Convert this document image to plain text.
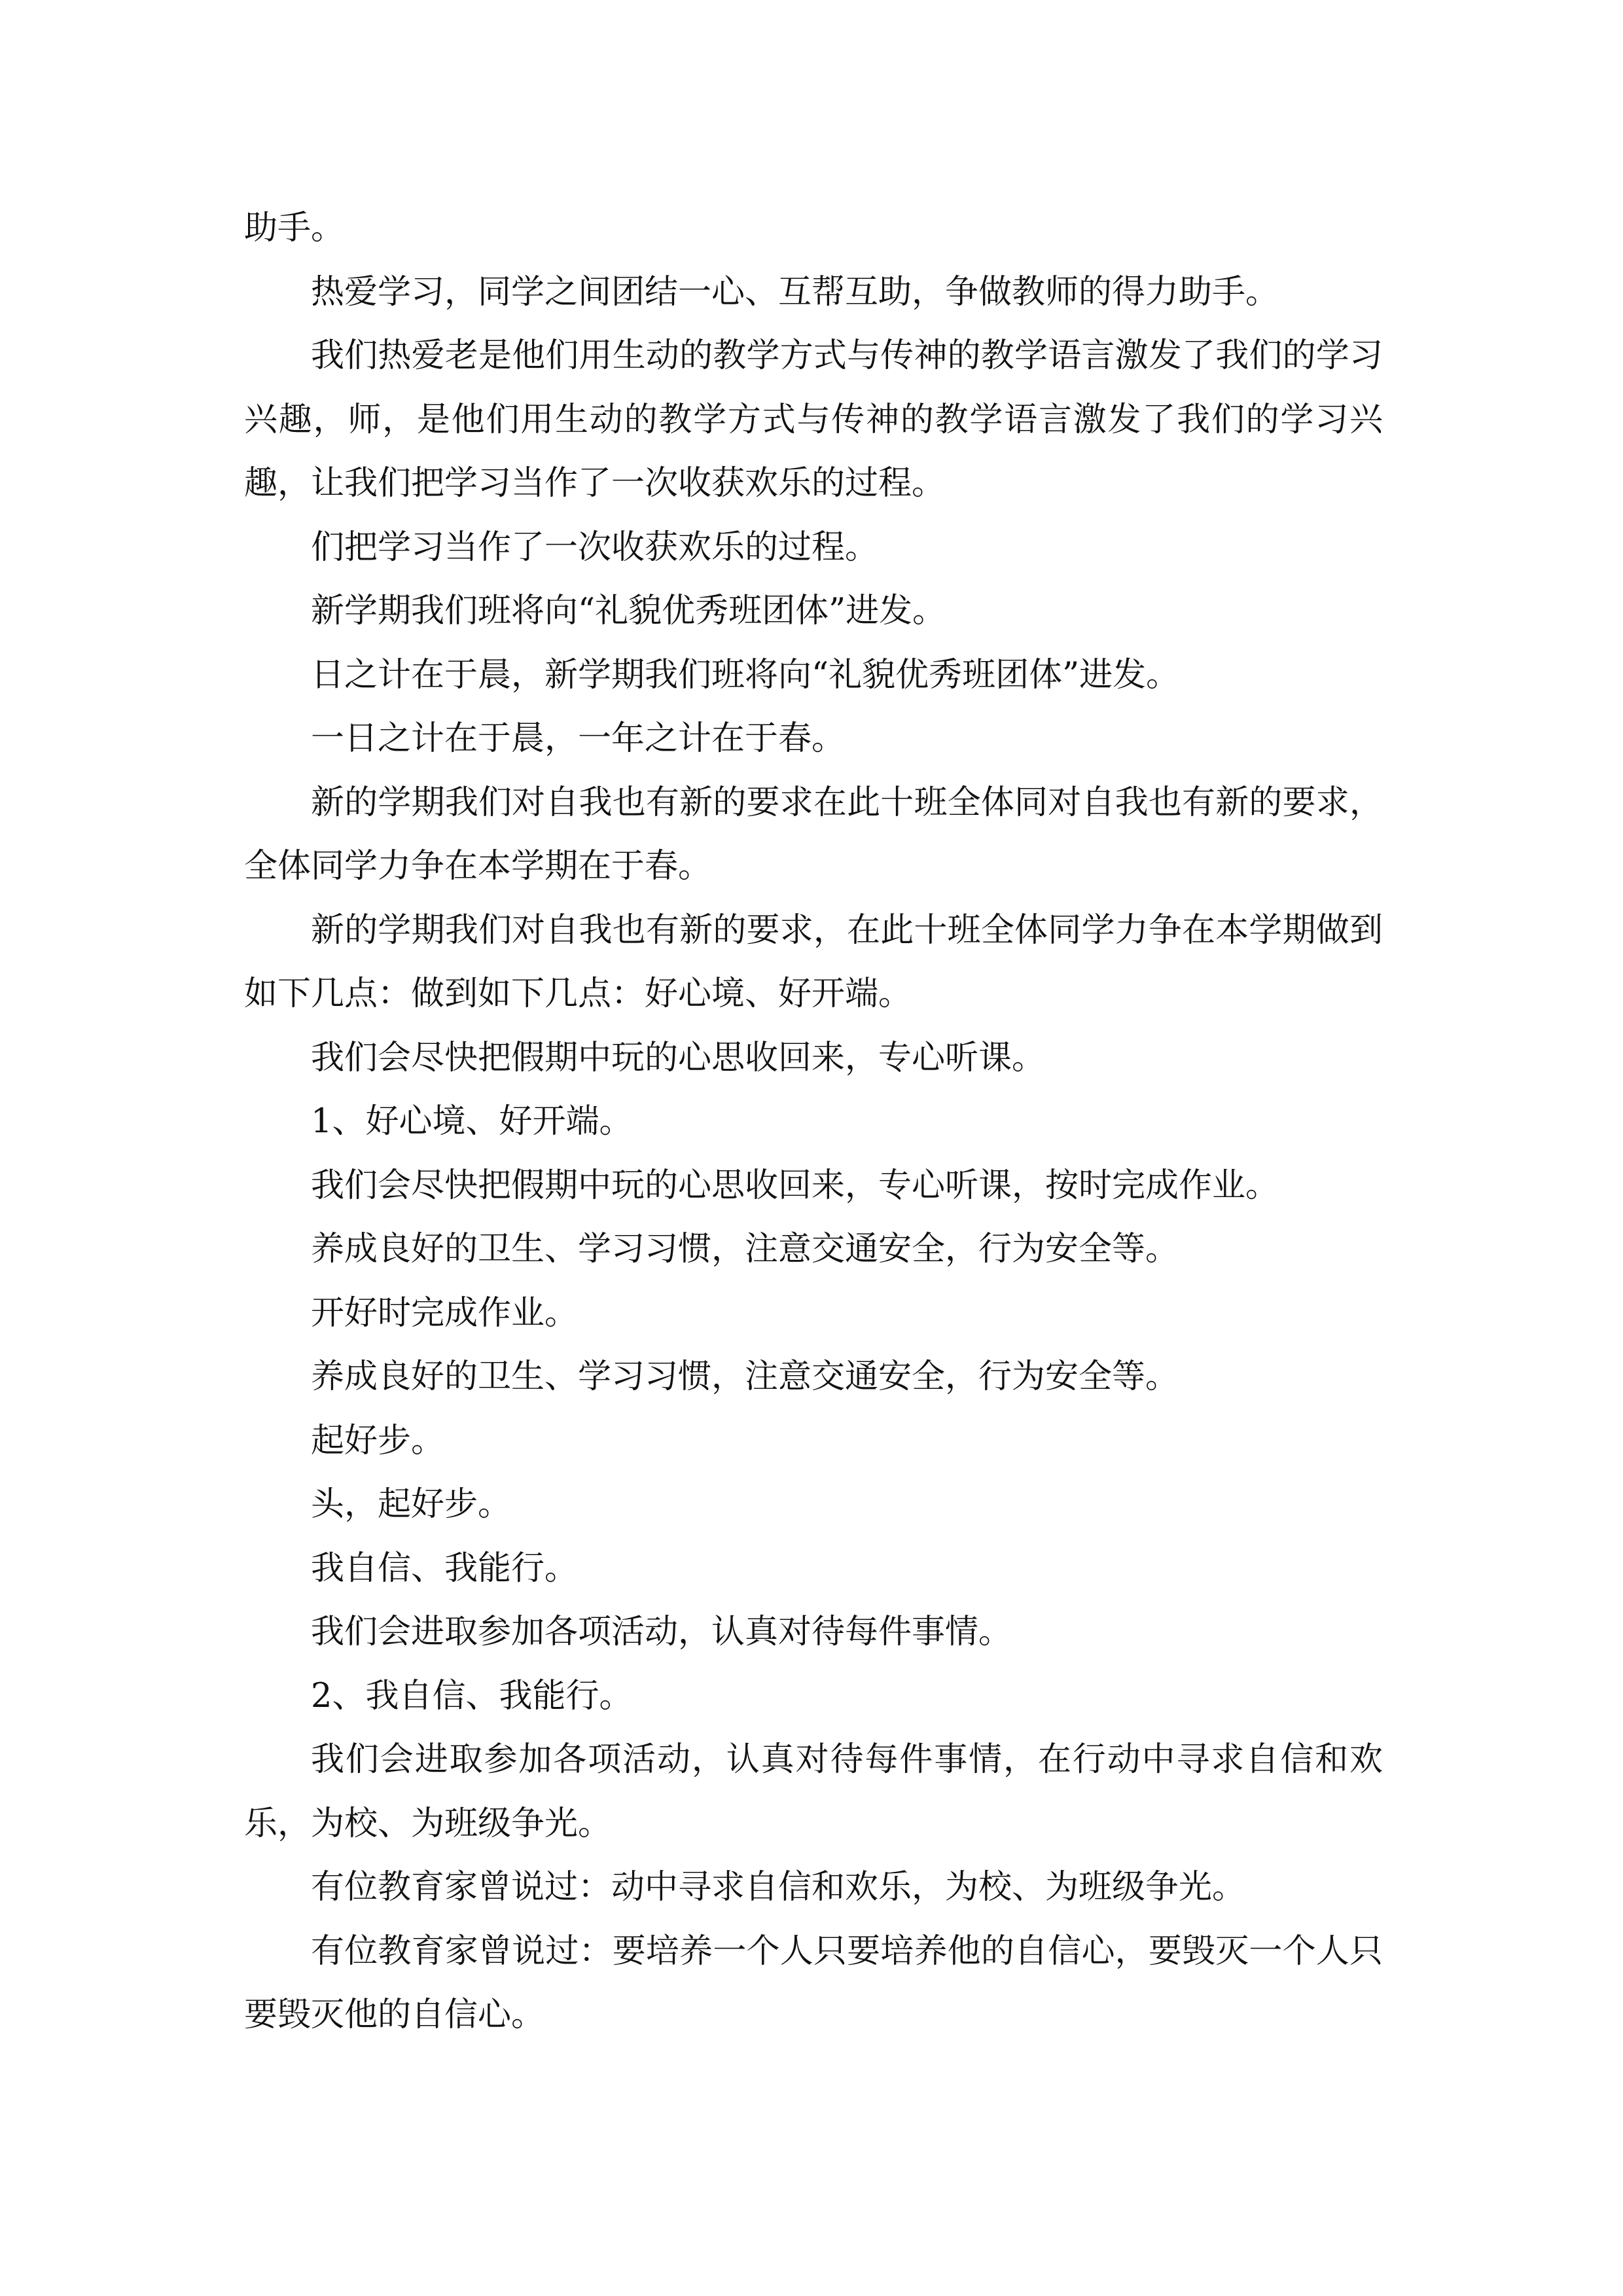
助手。

热爱学习，同学之间团结一心、互帮互助，争做教师的得力助手。

我们热爱老是他们用生动的教学方式与传神的教学语言激发了我们的学习兴趣，师，是他们用生动的教学方式与传神的教学语言激发了我们的学习兴趣，让我们把学习当作了一次收获欢乐的过程。

们把学习当作了一次收获欢乐的过程。

新学期我们班将向“礼貌优秀班团体”进发。

日之计在于晨，新学期我们班将向“礼貌优秀班团体”进发。

一日之计在于晨，一年之计在于春。

新的学期我们对自我也有新的要求在此十班全体同对自我也有新的要求，全体同学力争在本学期在于春。

新的学期我们对自我也有新的要求，在此十班全体同学力争在本学期做到如下几点：做到如下几点：好心境、好开端。

我们会尽快把假期中玩的心思收回来，专心听课。

1、好心境、好开端。

我们会尽快把假期中玩的心思收回来，专心听课，按时完成作业。

养成良好的卫生、学习习惯，注意交通安全，行为安全等。

开好时完成作业。

养成良好的卫生、学习习惯，注意交通安全，行为安全等。

起好步。

头，起好步。

我自信、我能行。

我们会进取参加各项活动，认真对待每件事情。

2、我自信、我能行。

我们会进取参加各项活动，认真对待每件事情，在行动中寻求自信和欢乐，为校、为班级争光。

有位教育家曾说过：动中寻求自信和欢乐，为校、为班级争光。

有位教育家曾说过：要培养一个人只要培养他的自信心，要毁灭一个人只要毁灭他的自信心。
